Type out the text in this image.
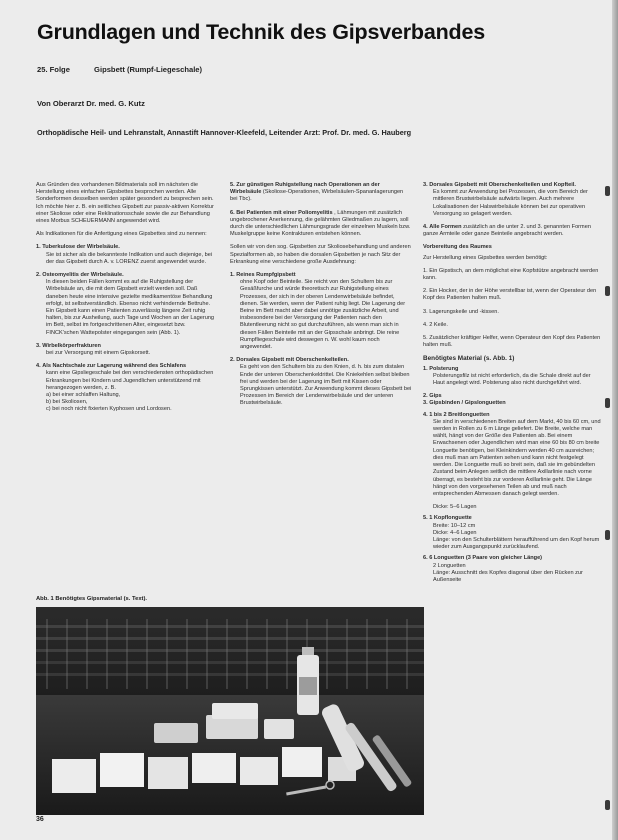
Grundlagen und Technik des Gipsverbandes
25. Folge	Gipsbett (Rumpf-Liegeschale)
Von Oberarzt Dr. med. G. Kutz
Orthopädische Heil- und Lehranstalt, Annastift Hannover-Kleefeld, Leitender Arzt: Prof. Dr. med. G. Hauberg

Aus Gründen des vorhandenen Bildmaterials soll im nächsten die Herstellung eines einfachen Gipsbettes besprochen werden. Alle Sonderformen desselben werden später gesondert zu besprechen sein. Ich möchte hier z. B. ein seitliches Gipsbett zur passiv-aktiven Korrektur einer Skoliose oder eine Reklinationsschale sowie die zur Behandlung eines Morbus SCHEUERMANN angewendet wird.

Als Indikationen für die Anfertigung eines Gipsbettes sind zu nennen:

1. Tuberkulose der Wirbelsäule.
Sie ist sicher als die bekannteste Indikation und auch diejenige, bei der das Gipsbett durch A. v. LORENZ zuerst angewendet wurde.
2. Osteomyelitis der Wirbelsäule.
In diesen beiden Fällen kommt es auf die Ruhigstellung der Wirbelsäule an, die mit dem Gipsbett erzielt werden soll. Daß daneben heute eine intensive gezielte medikamentöse Behandlung erfolgt, ist selbstverständlich. Ebenso nicht verhindernde Bettruhe. Ein Gipsbett kann einen Patienten zuverlässig längere Zeit ruhig halten, bis zur Ausheilung, auch Tage und Wochen an der Lagerung im Bett, selbst im fortgeschrittenen Alter, eingesetzt bzw. FINCK'schen Wattepolster eingegangen sein (Abb. 1).
3. Wirbelkörperfrakturen
bei zur Versorgung mit einem Gipskorsett.
4. Als Nachtschale zur Lagerung während des Schlafens
kann eine Gipsliegeschale bei den verschiedensten orthopädischen Erkrankungen bei Kindern und Jugendlichen unterstützend mit herangezogen werden, z. B.
a) bei einer schlaffen Haltung,
b) bei Skoliosen,
c) bei noch nicht fixierten Kyphosen und Lordosen.
5. Zur günstigen Ruhigstellung nach Operationen an der Wirbelsäule (Skoliose-Operationen, Wirbelsäulen-Spananlagerungen bei Tbc).
6. Bei Patienten mit einer Poliomyelitis , Lähmungen mit zusätzlich ungebrochener Anerkennung, die gelähmten Gliedmaßen zu lagern, soll durch die unterschiedlichen Lähmungsgrade der einzelnen Muskeln bzw. Muskelgruppe keine Kontrakturen entstehen können.

Sollen wir von den sog. Gipsbetten zur Skoliosebehandlung und anderen Spezialformen ab, so haben die dorsalen Gipsbetten je nach Sitz der Erkrankung eine verschiedene große Ausdehnung:

1. Reines Rumpfgipsbett
ohne Kopf oder Beinteile. Sie reicht von den Schultern bis zur Gesäßfurche und würde theoretisch zur Ruhigstellung eines Prozesses, der sich in der oberen Lendenwirbelsäule befindet, dienen. Sie werden, wenn der Patient ruhig liegt. Die Lagerung der Beine im Bett macht aber dabei unnötige zusätzliche Arbeit, und insbesondere bei der Versorgung der Patienten nach den Blutentleerung nicht so gut durchzuführen, als wenn man sich in diesen Fällen Beinteile mit an der Gipsschale anbringt. Die reine Rumpfliegeschale wird deswegen n. W. wohl kaum noch angewendet.
2. Dorsales Gipsbett mit Oberschenkelteilen.
Es geht von den Schultern bis zu den Knien, d. h. bis zum distalen Ende der unteren Oberschenkeldrittel. Die Kniekehlen selbst bleiben frei und werden bei der Lagerung im Bett mit Kissen oder Sprungkissen unterstützt. Zur Anwendung kommt dieses Gipsbett bei Prozessen im Bereich der Lendenwirbelsäule und der unteren Brustwirbelsäule.
3. Dorsales Gipsbett mit Oberschenkelteilen und Kopfteil.
Es kommt zur Anwendung bei Prozessen, die vom Bereich der mittleren Brustwirbelsäule aufwärts liegen. Auch mehrere Lokalisationen der Halswirbelsäule können bei zur operativen Versorgung so gelagert werden.
4. Alle Formen zusätzlich an die unter 2. und 3. genannten Formen ganze Armteile oder ganze Beinteile angebracht werden.
Vorbereitung des Raumes

Zur Herstellung eines Gipsbettes werden benötigt:

1. Ein Gipstisch, an dem möglichst eine Kopfstütze angebracht werden kann.
2. Ein Hocker, der in der Höhe verstellbar ist, wenn der Operateur den Kopf des Patienten halten muß.
3. Lagerungskeile und -kissen.
4. 2 Keile.
5. Zusätzlicher kräftiger Helfer, wenn Operateur den Kopf des Patienten halten muß.
Benötigtes Material (s. Abb. 1)
1. Polsterung
Polsterungsfilz ist nicht erforderlich, da die Schale direkt auf der Haut angelegt wird. Polsterung also nicht durchgeführt wird.
2. Gips
3. Gipsbinden / Gipslonguetten
4. 1 bis 2 Breitlonguetten
Sie sind in verschiedenen Breiten auf dem Markt, 40 bis 60 cm, und werden in Rollen zu 6 m Länge geliefert. Die Breite, welche man wählt, hängt von der Größe des Patienten ab. Bei einem Erwachsenen oder Jugendlichen wird man eine 60 bis 80 cm breite Longuette benötigen, bei Kleinkindern werden 40 cm ausreichen; dies muß man am Patienten sehen und kann nicht festgelegt werden. Die Longuette muß so breit sein, daß sie im gebündelten Zustand beim Anlegen seitlich die mittlere Axillarlinie nach vorne überragt, es besteht bis zur vorderen Axillarlinie geht. Die Länge hängt von den vorgesehenen Teilen ab und muß nach entsprechenden Abmessen danach gelegt werden.
Dicke: 5–6 Lagen
5. 1 Kopflonguette
Breite: 10–12 cm
Dicke: 4–6 Lagen
Länge: von den Schulterblättern heraufführend um den Kopf herum wieder zum Ausgangspunkt zurücklaufend.
6. 6 Longuetten (3 Paare von gleicher Länge)
2 Longuetten
Länge: Ausschnitt des Kopfes diagonal über den Rücken zur Außenseite
Abb. 1 Benötigtes Gipsmaterial (s. Text).
36
